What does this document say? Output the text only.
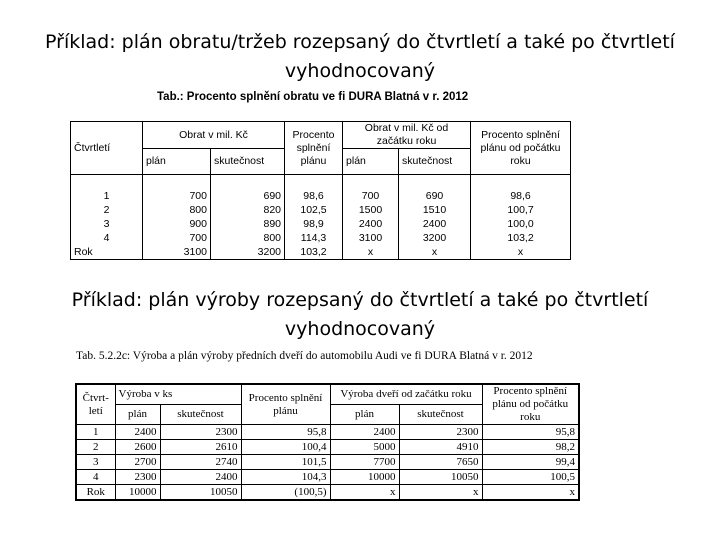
Příklad: plán obratu/tržeb rozepsaný do čtvrtletí a také po čtvrtletí vyhodnocovaný
Tab.: Procento splnění obratu ve fi DURA Blatná v r. 2012
Čtvrtletí	Obrat v mil. Kč		Procento splnění plánu	Obrat v mil. Kč od začátku roku		Procento splnění plánu od počátku roku
	plán	skutečnost		plán	skutečnost	

1	700	690	98,6	700	690	98,6
2	800	820	102,5	1500	1510	100,7
3	900	890	98,9	2400	2400	100,0
4	700	800	114,3	3100	3200	103,2
Rok	3100	3200	103,2	x	x	x
Příklad: plán výroby rozepsaný do čtvrtletí a také po čtvrtletí vyhodnocovaný
Tab. 5.2.2c: Výroba a plán výroby předních dveří do automobilu Audi ve fi DURA Blatná v r. 2012
Čtvrt-letí	Výroba v ks		Procento splnění plánu	Výroba dveří od začátku roku		Procento splnění plánu od počátku roku
	plán	skutečnost		plán	skutečnost	
1	2400	2300	95,8	2400	2300	95,8
2	2600	2610	100,4	5000	4910	98,2
3	2700	2740	101,5	7700	7650	99,4
4	2300	2400	104,3	10000	10050	100,5
Rok	10000	10050	(100,5)	x	x	x
